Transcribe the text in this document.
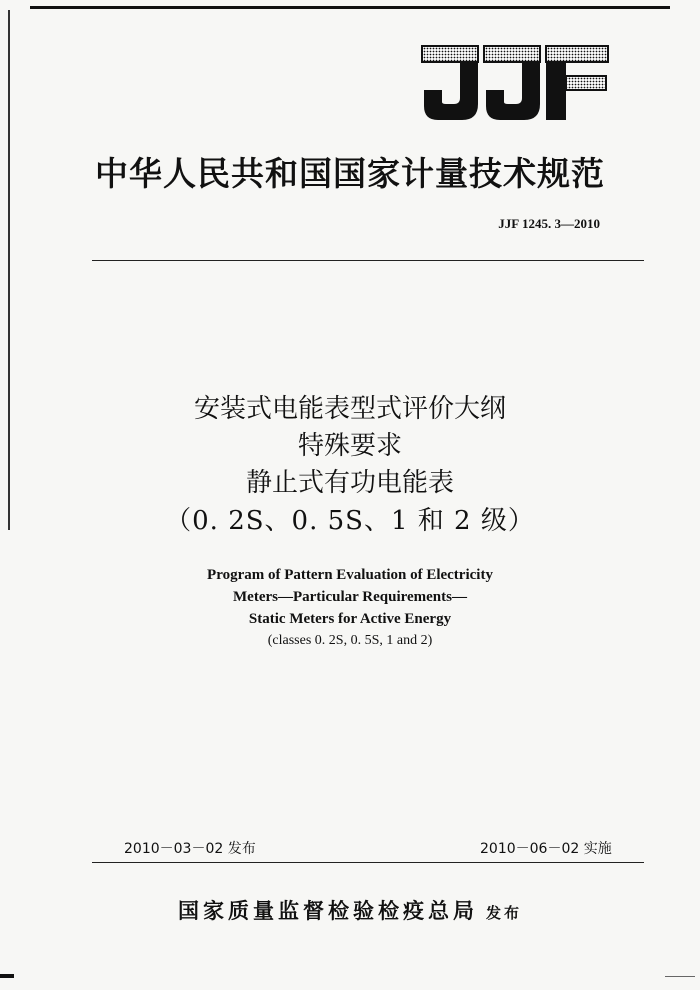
中华人民共和国国家计量技术规范
JJF 1245. 3—2010
安装式电能表型式评价大纲
特殊要求
静止式有功电能表
（0. 2S、0. 5S、1 和 2 级）
Program of Pattern Evaluation of Electricity
Meters—Particular Requirements—
Static Meters for Active Energy
(classes 0. 2S, 0. 5S, 1 and 2)
2010－03－02 发布	2010－06－02 实施
国家质量监督检验检疫总局 发布
